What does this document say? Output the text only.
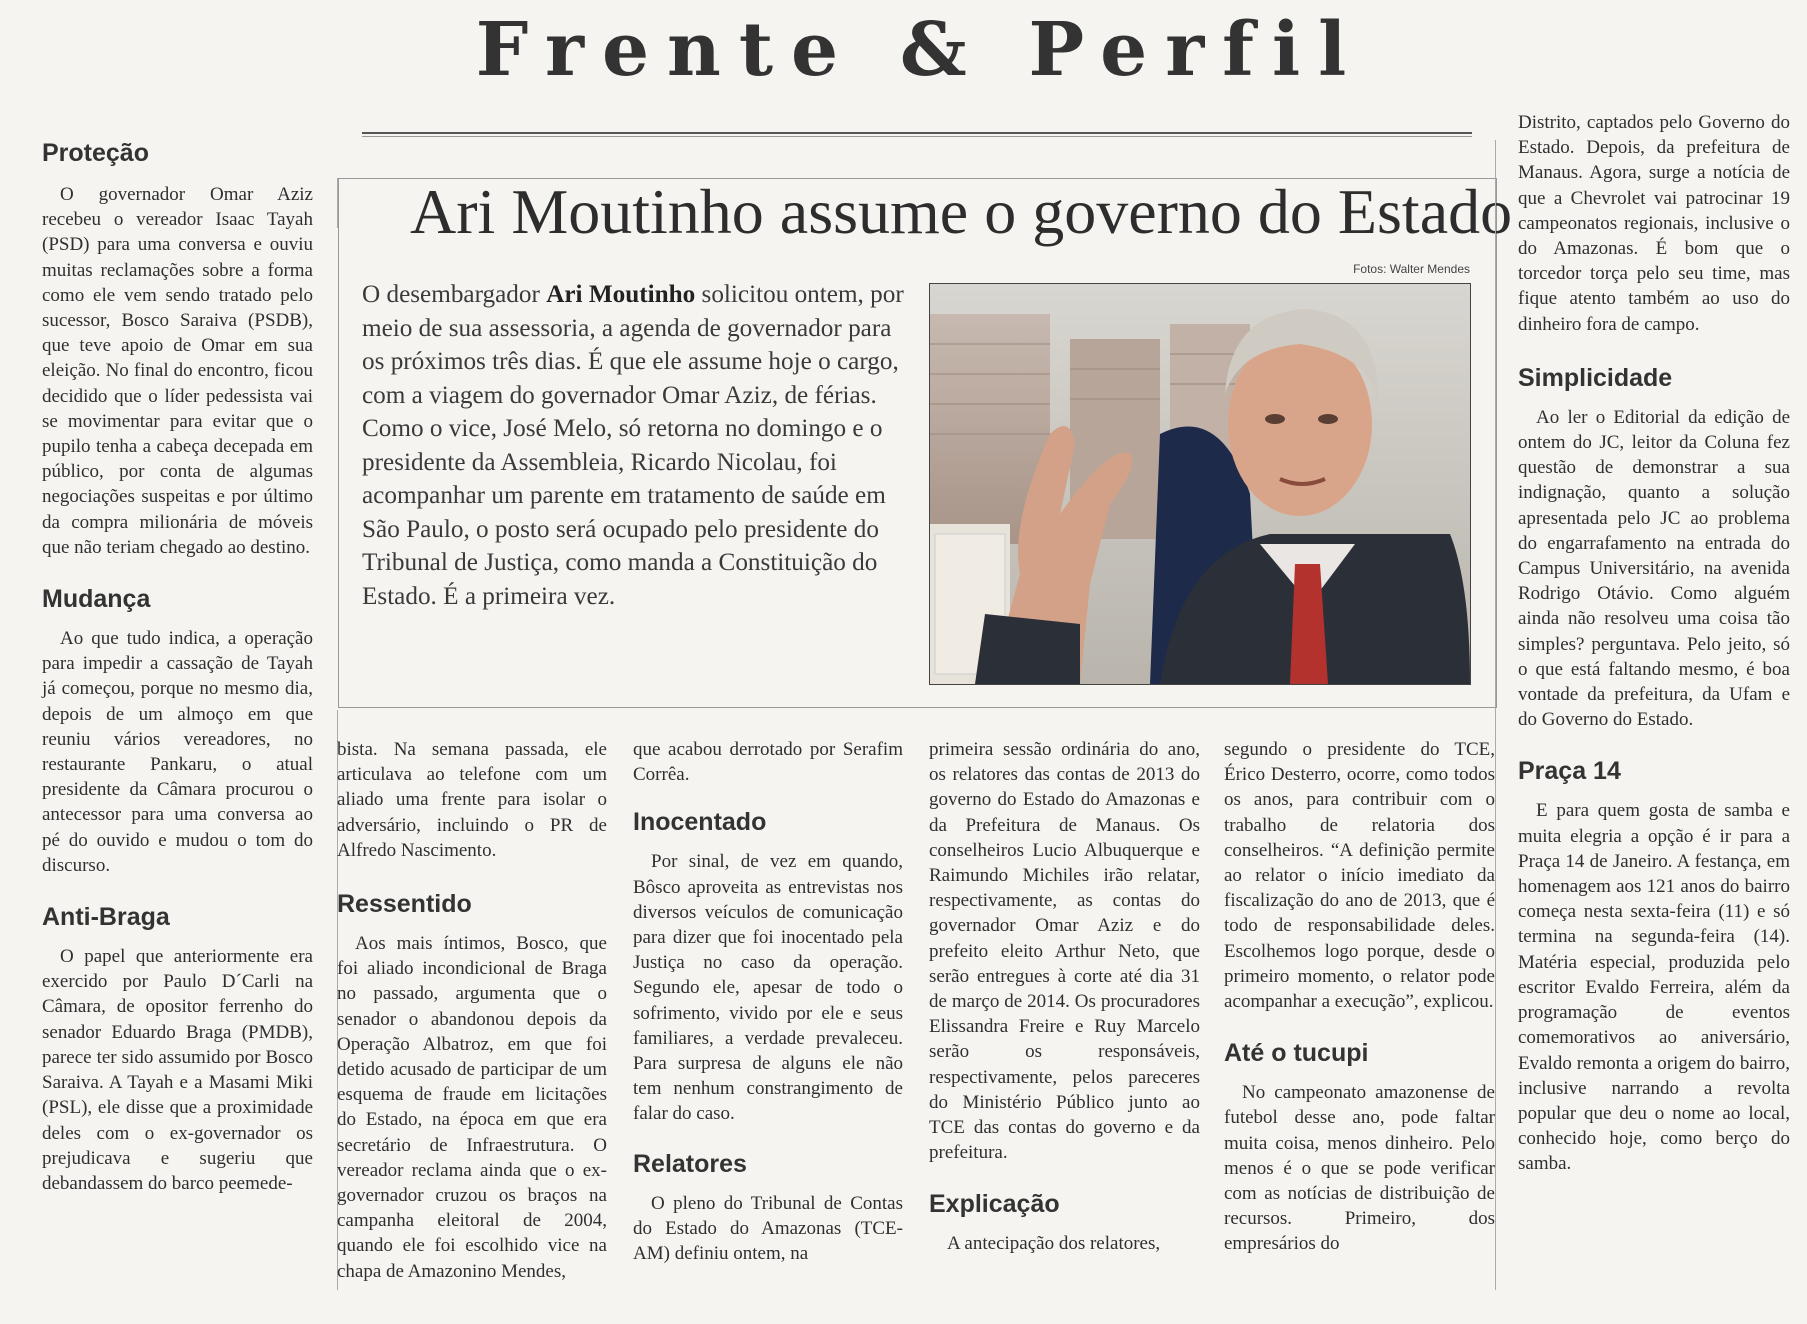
Frente & Perfil
Ari Moutinho assume o governo do Estado
Fotos: Walter Mendes
O desembargador Ari Moutinho solicitou ontem, por meio de sua assessoria, a agenda de governador para os próximos três dias. É que ele assume hoje o cargo, com a viagem do governador Omar Aziz, de férias. Como o vice, José Melo, só retorna no domingo e o presidente da Assembleia, Ricardo Nicolau, foi acompanhar um parente em tratamento de saúde em São Paulo, o posto será ocupado pelo presidente do Tribunal de Justiça, como manda a Constituição do Estado. É a primeira vez.
Proteção

O governador Omar Aziz recebeu o vereador Isaac Tayah (PSD) para uma conversa e ouviu muitas reclamações sobre a forma como ele vem sendo tratado pelo sucessor, Bosco Saraiva (PSDB), que teve apoio de Omar em sua eleição. No final do encontro, ficou decidido que o líder pedessista vai se movimentar para evitar que o pupilo tenha a cabeça decepada em público, por conta de algumas negociações suspeitas e por último da compra milionária de móveis que não teriam chegado ao destino.

Mudança

Ao que tudo indica, a operação para impedir a cassação de Tayah já começou, porque no mesmo dia, depois de um almoço em que reuniu vários vereadores, no restaurante Pankaru, o atual presidente da Câmara procurou o antecessor para uma conversa ao pé do ouvido e mudou o tom do discurso.

Anti-Braga

O papel que anteriormente era exercido por Paulo D´Carli na Câmara, de opositor ferrenho do senador Eduardo Braga (PMDB), parece ter sido assumido por Bosco Saraiva. A Tayah e a Masami Miki (PSL), ele disse que a proximidade deles com o ex-governador os prejudicava e sugeriu que debandassem do barco peemede-

bista. Na semana passada, ele articulava ao telefone com um aliado uma frente para isolar o adversário, incluindo o PR de Alfredo Nascimento.

Ressentido

Aos mais íntimos, Bosco, que foi aliado incondicional de Braga no passado, argumenta que o senador o abandonou depois da Operação Albatroz, em que foi detido acusado de participar de um esquema de fraude em licitações do Estado, na época em que era secretário de Infraestrutura. O vereador reclama ainda que o ex-governador cruzou os braços na campanha eleitoral de 2004, quando ele foi escolhido vice na chapa de Amazonino Mendes,

que acabou derrotado por Serafim Corrêa.

Inocentado

Por sinal, de vez em quando, Bôsco aproveita as entrevistas nos diversos veículos de comunicação para dizer que foi inocentado pela Justiça no caso da operação. Segundo ele, apesar de todo o sofrimento, vivido por ele e seus familiares, a verdade prevaleceu. Para surpresa de alguns ele não tem nenhum constrangimento de falar do caso.

Relatores

O pleno do Tribunal de Contas do Estado do Amazonas (TCE-AM) definiu ontem, na

primeira sessão ordinária do ano, os relatores das contas de 2013 do governo do Estado do Amazonas e da Prefeitura de Manaus. Os conselheiros Lucio Albuquerque e Raimundo Michiles irão relatar, respectivamente, as contas do governador Omar Aziz e do prefeito eleito Arthur Neto, que serão entregues à corte até dia 31 de março de 2014. Os procuradores Elissandra Freire e Ruy Marcelo serão os responsáveis, respectivamente, pelos pareceres do Ministério Público junto ao TCE das contas do governo e da prefeitura.

Explicação

A antecipação dos relatores,

segundo o presidente do TCE, Érico Desterro, ocorre, como todos os anos, para contribuir com o trabalho de relatoria dos conselheiros. “A definição permite ao relator o início imediato da fiscalização do ano de 2013, que é todo de responsabilidade deles. Escolhemos logo porque, desde o primeiro momento, o relator pode acompanhar a execução”, explicou.

Até o tucupi

No campeonato amazonense de futebol desse ano, pode faltar muita coisa, menos dinheiro. Pelo menos é o que se pode verificar com as notícias de distribuição de recursos. Primeiro, dos empresários do

Distrito, captados pelo Governo do Estado. Depois, da prefeitura de Manaus. Agora, surge a notícia de que a Chevrolet vai patrocinar 19 campeonatos regionais, inclusive o do Amazonas. É bom que o torcedor torça pelo seu time, mas fique atento também ao uso do dinheiro fora de campo.

Simplicidade

Ao ler o Editorial da edição de ontem do JC, leitor da Coluna fez questão de demonstrar a sua indignação, quanto a solução apresentada pelo JC ao problema do engarrafamento na entrada do Campus Universitário, na avenida Rodrigo Otávio. Como alguém ainda não resolveu uma coisa tão simples? perguntava. Pelo jeito, só o que está faltando mesmo, é boa vontade da prefeitura, da Ufam e do Governo do Estado.

Praça 14

E para quem gosta de samba e muita elegria a opção é ir para a Praça 14 de Janeiro. A festança, em homenagem aos 121 anos do bairro começa nesta sexta-feira (11) e só termina na segunda-feira (14). Matéria especial, produzida pelo escritor Evaldo Ferreira, além da programação de eventos comemorativos ao aniversário, Evaldo remonta a origem do bairro, inclusive narrando a revolta popular que deu o nome ao local, conhecido hoje, como berço do samba.
